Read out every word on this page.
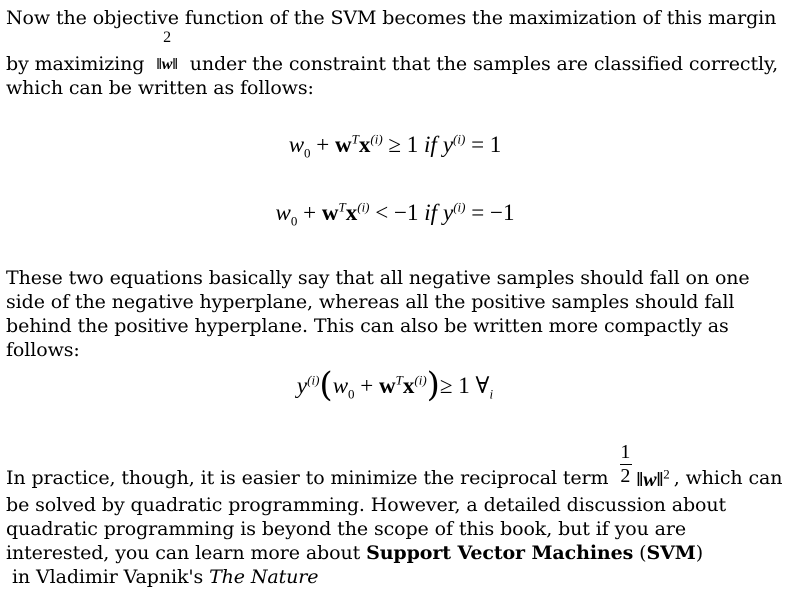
Now the objective function of the SVM becomes the maximization of this margin

by maximizing
2
‖w‖ under the constraint that the samples are classified correctly,

which can be written as follows:

$w_0 + w^Tx^{(i)} \ge 1$ if $y^{(i)} = 1$
$w_0 + w^Tx^{(i)} < -1$ if $y^{(i)} = -1$

These two equations basically say that all negative samples should fall on one side of the negative hyperplane, whereas all the positive samples should fall behind the positive hyperplane. This can also be written more compactly as follows:

$y^{(i)}(w_0 + w^Tx^{(i)})\ge 1$ $\forall_i$

In practice, though, it is easier to minimize the reciprocal term
1
2 ‖w‖$^2$ , which can be solved by quadratic programming. However, a detailed discussion about quadratic programming is beyond the scope of this book, but if you are interested, you can learn more about Support Vector Machines (SVM) in Vladimir Vapnik's The Nature
